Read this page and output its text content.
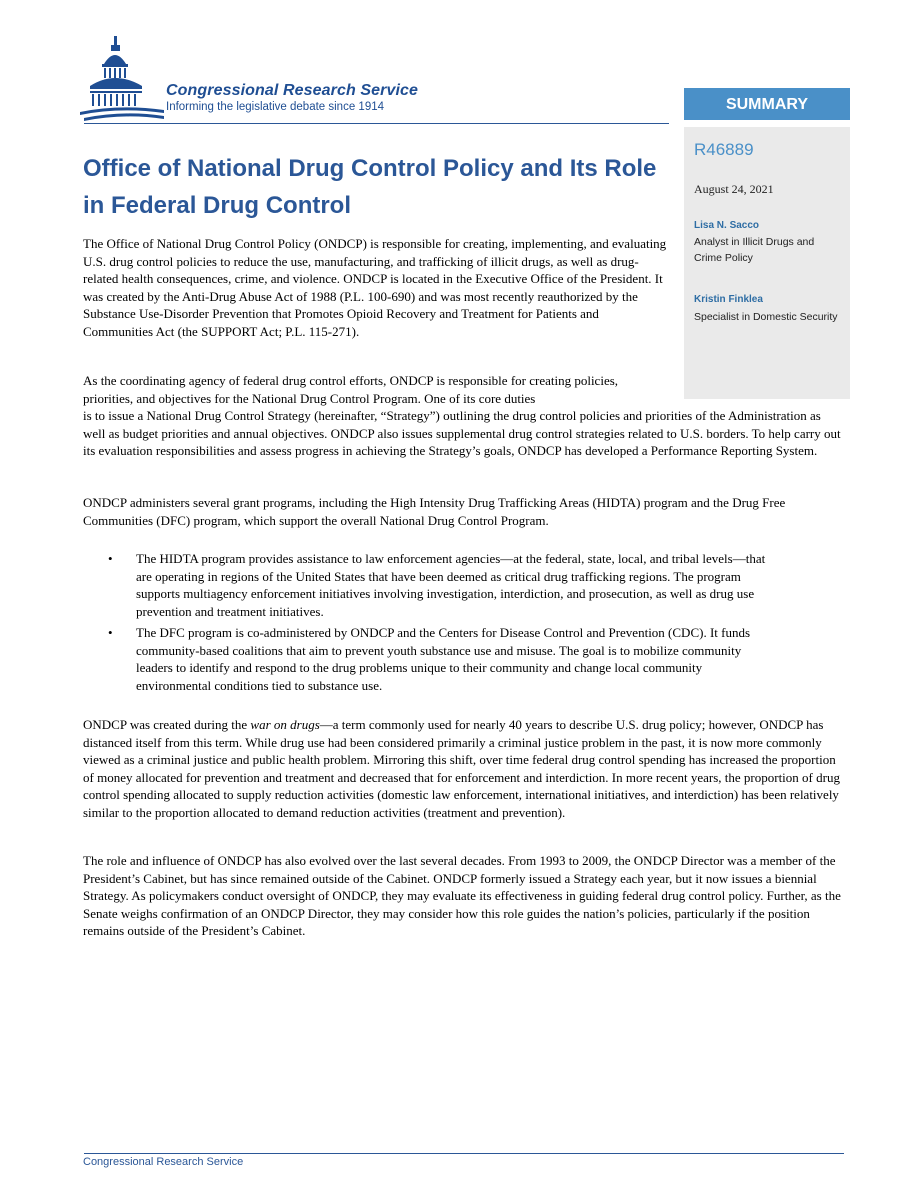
Congressional Research Service
Informing the legislative debate since 1914	SUMMARY
R46889
August 24, 2021
Lisa N. Sacco
Analyst in Illicit Drugs and Crime Policy
Kristin Finklea
Specialist in Domestic Security
Office of National Drug Control Policy and Its Role in Federal Drug Control

The Office of National Drug Control Policy (ONDCP) is responsible for creating, implementing, and evaluating U.S. drug control policies to reduce the use, manufacturing, and trafficking of illicit drugs, as well as drug-related health consequences, crime, and violence. ONDCP is located in the Executive Office of the President. It was created by the Anti-Drug Abuse Act of 1988 (P.L. 100-690) and was most recently reauthorized by the Substance Use-Disorder Prevention that Promotes Opioid Recovery and Treatment for Patients and Communities Act (the SUPPORT Act; P.L. 115-271).

As the coordinating agency of federal drug control efforts, ONDCP is responsible for creating policies, priorities, and objectives for the National Drug Control Program. One of its core duties
is to issue a National Drug Control Strategy (hereinafter, “Strategy”) outlining the drug control policies and priorities of the Administration as well as budget priorities and annual objectives. ONDCP also issues supplemental drug control strategies related to U.S. borders. To help carry out its evaluation responsibilities and assess progress in achieving the Strategy’s goals, ONDCP has developed a Performance Reporting System.

ONDCP administers several grant programs, including the High Intensity Drug Trafficking Areas (HIDTA) program and the Drug Free Communities (DFC) program, which support the overall National Drug Control Program.

• The HIDTA program provides assistance to law enforcement agencies—at the federal, state, local, and tribal levels—that are operating in regions of the United States that have been deemed as critical drug trafficking regions. The program supports multiagency enforcement initiatives involving investigation, interdiction, and prosecution, as well as drug use prevention and treatment initiatives.
• The DFC program is co-administered by ONDCP and the Centers for Disease Control and Prevention (CDC). It funds community-based coalitions that aim to prevent youth substance use and misuse. The goal is to mobilize community leaders to identify and respond to the drug problems unique to their community and change local community environmental conditions tied to substance use.

ONDCP was created during the war on drugs—a term commonly used for nearly 40 years to describe U.S. drug policy; however, ONDCP has distanced itself from this term. While drug use had been considered primarily a criminal justice problem in the past, it is now more commonly viewed as a criminal justice and public health problem. Mirroring this shift, over time federal drug control spending has increased the proportion of money allocated for prevention and treatment and decreased that for enforcement and interdiction. In more recent years, the proportion of drug control spending allocated to supply reduction activities (domestic law enforcement, international initiatives, and interdiction) has been relatively similar to the proportion allocated to demand reduction activities (treatment and prevention).

The role and influence of ONDCP has also evolved over the last several decades. From 1993 to 2009, the ONDCP Director was a member of the President’s Cabinet, but has since remained outside of the Cabinet. ONDCP formerly issued a Strategy each year, but it now issues a biennial Strategy. As policymakers conduct oversight of ONDCP, they may evaluate its effectiveness in guiding federal drug control policy. Further, as the Senate weighs confirmation of an ONDCP Director, they may consider how this role guides the nation’s policies, particularly if the position remains outside of the President’s Cabinet.

Congressional Research Service
